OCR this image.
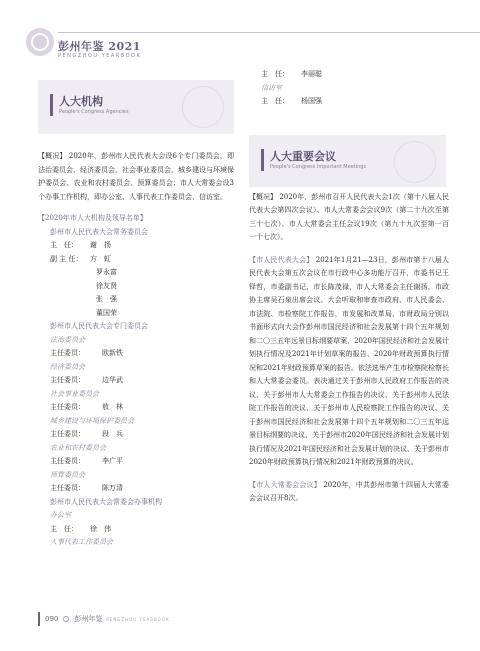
彭州年鉴 2021
PENGZHOU YEARBOOK
人大机构
People's Congress Agencies
人大重要会议
People's Congress Important Meetings

【概况】 2020年，彭州市人民代表大会设6个专门委员会，即法治委员会、经济委员会、社会事业委员会、城乡建设与环境保护委员会、农业和农村委员会、预算委员会；市人大常委会设3个办事工作机构，即办公室、人事代表工作委员会、信访室。

【2020年市人大机构及领导名单】

彭州市人民代表大会常务委员会

主　任：	谢　扬
副 主 任：	方　虹

罗永富

徐友贤

张　强

董国荣

彭州市人民代表大会专门委员会

法治委员会

主任委员：	欧新铁

经济委员会

主任委员：	边华武

社会事业委员会

主任委员：	敖　林

城乡建设与环境保护委员会

主任委员：	段　兵

农业和农村委员会

主任委员：	李广平

预算委员会

主任委员：	陈万清

彭州市人民代表大会常委会办事机构

办公室

主　任：	徐　伟

人事代表工作委员会

主　任：	李丽聪

信访室

主　任：	杨国强

【概况】 2020年，彭州市召开人民代表大会1次（第十八届人民代表大会第四次会议）、市人大常委会会议9次（第二十九次至第三十七次）、市人大常委会主任会议19次（第九十九次至第一百一十七次）。

【市人民代表大会】 2021年1月21—23日，彭州市第十八届人民代表大会第五次会议在市行政中心多功能厅召开，市委书记王铎哲，市委副书记、市长陈茂禄，市人大常委会主任谢扬，市政协主席吴石泉出席会议。大会听取和审查市政府、市人民委会、市法院、市检察院工作报告，市发展和改革局、市财政局分别以书面形式向大会作彭州市国民经济和社会发展第十四个五年规划和二〇三五年远景目标纲要草案、2020年国民经济和社会发展计划执行情况及2021年计划草案的报告、2020年财政预算执行情况和2021年财政预算草案的报告。依法选举产生市检察院检察长和人大常委会委员。表决通过关于彭州市人民政府工作报告的决议、关于彭州市人大常委会工作报告的决议、关于彭州市人民法院工作报告的决议、关于彭州市人民检察院工作报告的决议、关于彭州市国民经济和社会发展第十四个五年规划和二〇三五年远景目标纲要的决议、关于彭州市2020年国民经济和社会发展计划执行情况及2021年国民经济和社会发展计划的决议、关于彭州市2020年财政预算执行情况和2021年财政预算的决议。

【市人大常委会会议】 2020年，中共彭州市第十四届人大常委会会议召开8次。

090 彭州年鉴 PENGZHOU YEARBOOK
